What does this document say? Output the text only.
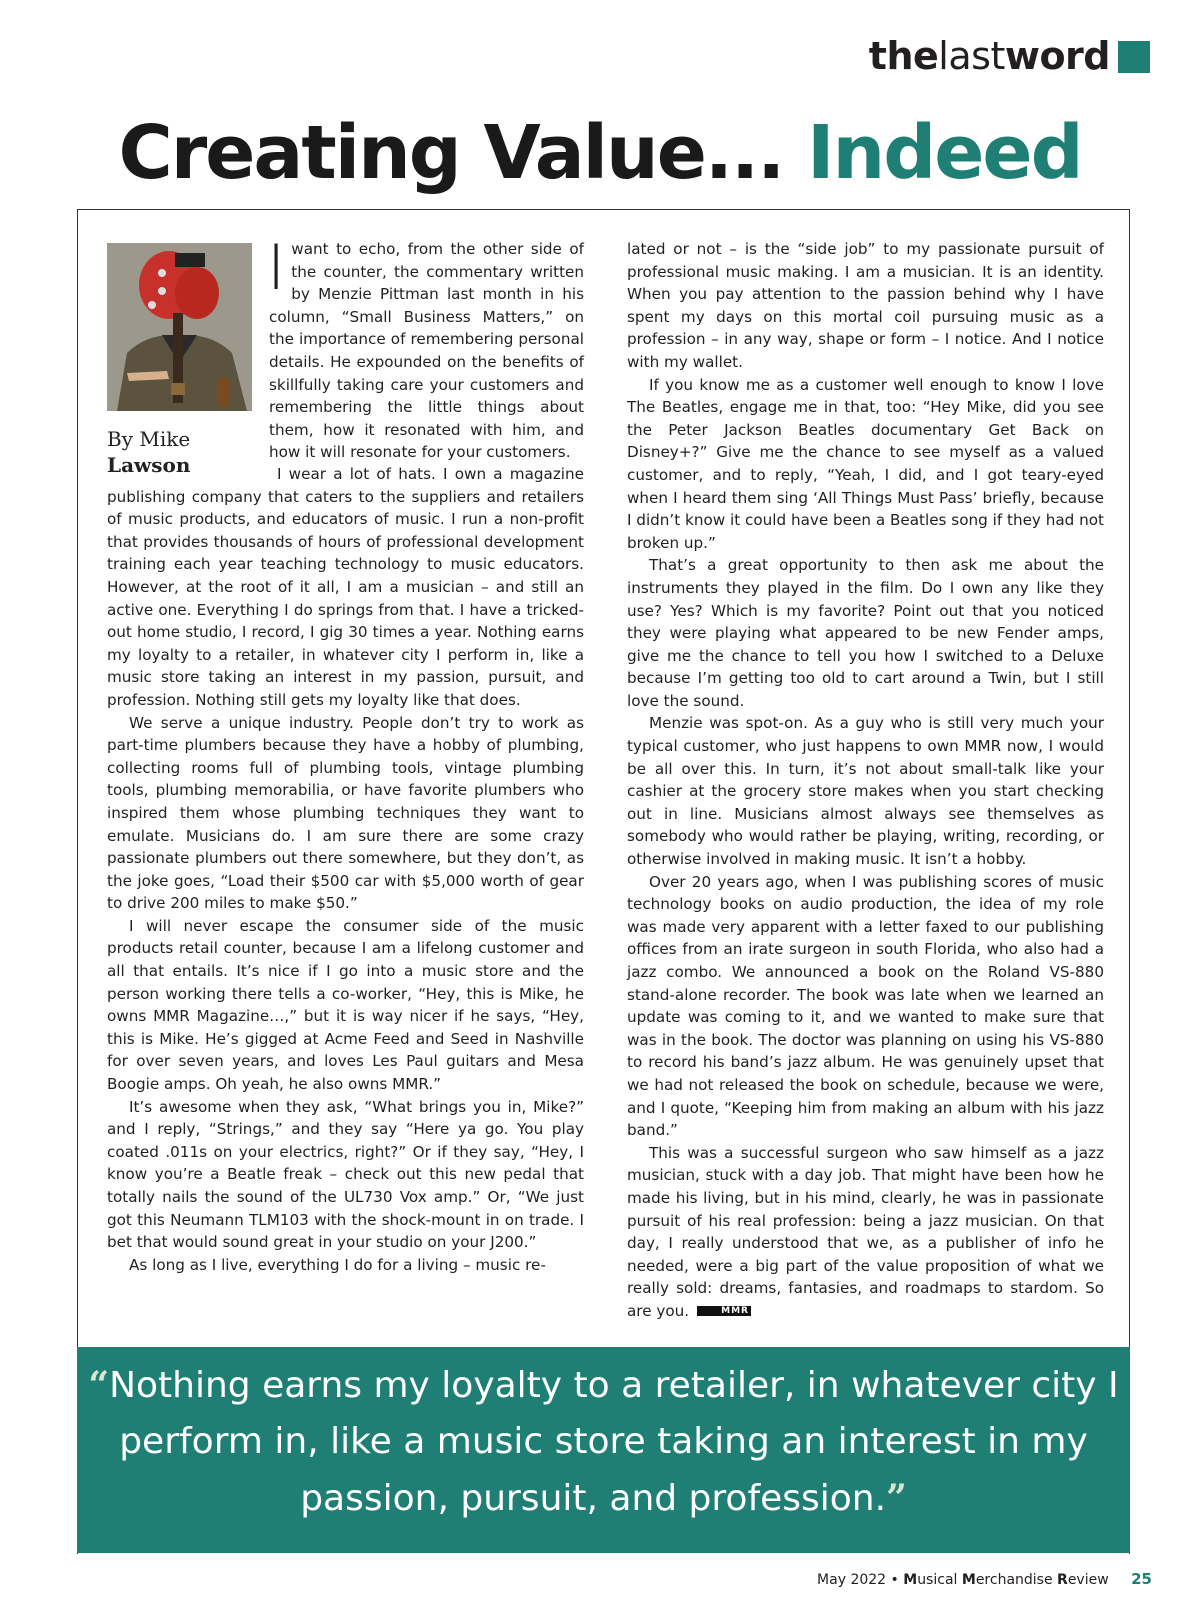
thelastword
Creating Value... Indeed
By Mike
Lawson

Iwant to echo, from the other side of the counter, the commentary written by Menzie Pittman last month in his column, “Small Business Matters,” on the importance of remembering personal details. He expounded on the benefits of skillfully taking care your customers and remembering the little things about them, how it resonated with him, and how it will resonate for your customers.

I wear a lot of hats. I own a magazine publishing company that caters to the suppliers and retailers of music products, and educators of music. I run a non-profit that provides thousands of hours of professional development training each year teaching technology to music educators. However, at the root of it all, I am a musician – and still an active one. Everything I do springs from that. I have a tricked-out home studio, I record, I gig 30 times a year. Nothing earns my loyalty to a retailer, in whatever city I perform in, like a music store taking an interest in my passion, pursuit, and profession. Nothing still gets my loyalty like that does.

We serve a unique industry. People don’t try to work as part-time plumbers because they have a hobby of plumbing, collecting rooms full of plumbing tools, vintage plumbing tools, plumbing memorabilia, or have favorite plumbers who inspired them whose plumbing techniques they want to emulate. Musicians do. I am sure there are some crazy passionate plumbers out there somewhere, but they don’t, as the joke goes, “Load their $500 car with $5,000 worth of gear to drive 200 miles to make $50.”

I will never escape the consumer side of the music products retail counter, because I am a lifelong customer and all that entails. It’s nice if I go into a music store and the person working there tells a co-worker, “Hey, this is Mike, he owns MMR Magazine…,” but it is way nicer if he says, “Hey, this is Mike. He’s gigged at Acme Feed and Seed in Nashville for over seven years, and loves Les Paul guitars and Mesa Boogie amps. Oh yeah, he also owns MMR.”

It’s awesome when they ask, “What brings you in, Mike?” and I reply, “Strings,” and they say “Here ya go. You play coated .011s on your electrics, right?” Or if they say, “Hey, I know you’re a Beatle freak – check out this new pedal that totally nails the sound of the UL730 Vox amp.” Or, “We just got this Neumann TLM103 with the shock-mount in on trade. I bet that would sound great in your studio on your J200.”

As long as I live, everything I do for a living – music re-

lated or not – is the “side job” to my passionate pursuit of professional music making. I am a musician. It is an identity. When you pay attention to the passion behind why I have spent my days on this mortal coil pursuing music as a profession – in any way, shape or form – I notice. And I notice with my wallet.

If you know me as a customer well enough to know I love The Beatles, engage me in that, too: “Hey Mike, did you see the Peter Jackson Beatles documentary Get Back on Disney+?” Give me the chance to see myself as a valued customer, and to reply, “Yeah, I did, and I got teary-eyed when I heard them sing ‘All Things Must Pass’ briefly, because I didn’t know it could have been a Beatles song if they had not broken up.”

That’s a great opportunity to then ask me about the instruments they played in the film. Do I own any like they use? Yes? Which is my favorite? Point out that you noticed they were playing what appeared to be new Fender amps, give me the chance to tell you how I switched to a Deluxe because I’m getting too old to cart around a Twin, but I still love the sound.

Menzie was spot-on. As a guy who is still very much your typical customer, who just happens to own MMR now, I would be all over this. In turn, it’s not about small-talk like your cashier at the grocery store makes when you start checking out in line. Musicians almost always see themselves as somebody who would rather be playing, writing, recording, or otherwise involved in making music. It isn’t a hobby.

Over 20 years ago, when I was publishing scores of music technology books on audio production, the idea of my role was made very apparent with a letter faxed to our publishing offices from an irate surgeon in south Florida, who also had a jazz combo. We announced a book on the Roland VS-880 stand-alone recorder. The book was late when we learned an update was coming to it, and we wanted to make sure that was in the book. The doctor was planning on using his VS-880 to record his band’s jazz album. He was genuinely upset that we had not released the book on schedule, because we were, and I quote, “Keeping him from making an album with his jazz band.”

This was a successful surgeon who saw himself as a jazz musician, stuck with a day job. That might have been how he made his living, but in his mind, clearly, he was in passionate pursuit of his real profession: being a jazz musician. On that day, I really understood that we, as a publisher of info he needed, were a big part of the value proposition of what we really sold: dreams, fantasies, and roadmaps to stardom. So are you.	MMR

“Nothing earns my loyalty to a retailer, in whatever city I perform in, like a music store taking an interest in my passion, pursuit, and profession.”
May 2022 • Musical Merchandise Review 25
